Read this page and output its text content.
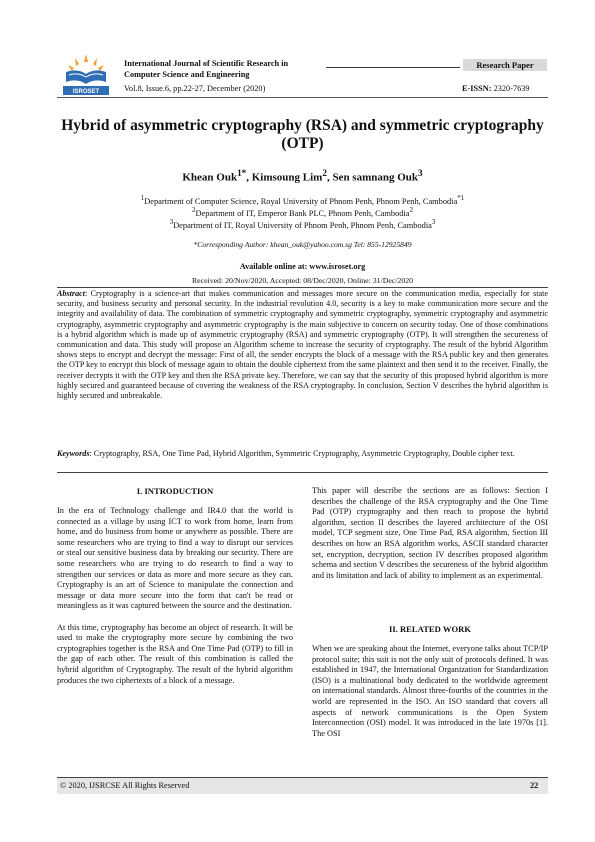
ISROSET
International Journal of Scientific Research in Computer Science and Engineering
Research Paper
Vol.8, Issue.6, pp.22-27, December (2020)	E-ISSN: 2320-7639
Hybrid of asymmetric cryptography (RSA) and symmetric cryptography (OTP)
Khean Ouk$^{1*}$, Kimsoung Lim$^2$, Sen samnang Ouk$^3$
$^1$Department of Computer Science, Royal University of Phnom Penh, Phnom Penh, Cambodia$^{*1}$
$^2$Department of IT, Emperor Bank PLC, Phnom Penh, Cambodia$^2$
$^3$Department of IT, Royal University of Phnom Penh, Phnom Penh, Cambodia$^3$
*Corresponding Author: khean_ouk@yahoo.com.sg Tel: 855-12925849
Available online at: www.isroset.org
Received: 20/Nov/2020, Accepted: 08/Dec/2020, Online: 31/Dec/2020
Abstract: Cryptography is a science-art that makes communication and messages more secure on the communication media, especially for state security, and business security and personal security. In the industrial revolution 4.0, security is a key to make communication more secure and the integrity and availability of data. The combination of symmetric cryptography and symmetric cryptography, symmetric cryptography and asymmetric cryptography, asymmetric cryptography and asymmetric cryptography is the main subjective to concern on security today. One of those combinations is a hybrid algorithm which is made up of asymmetric cryptography (RSA) and symmetric cryptography (OTP). It will strengthen the secureness of communication and data. This study will propose an Algorithm scheme to increase the security of cryptography. The result of the hybrid Algorithm shows steps to encrypt and decrypt the message: First of all, the sender encrypts the block of a message with the RSA public key and then generates the OTP key to encrypt this block of message again to obtain the double ciphertext from the same plaintext and then send it to the receiver. Finally, the receiver decrypts it with the OTP key and then the RSA private key. Therefore, we can say that the security of this proposed hybrid algorithm is more highly secured and guaranteed because of covering the weakness of the RSA cryptography. In conclusion, Section V describes the hybrid algorithm is highly secured and unbreakable.
Keywords: Cryptography, RSA, One Time Pad, Hybrid Algorithm, Symmetric Cryptography, Asymmetric Cryptography, Double cipher text.
I. INTRODUCTION

In the era of Technology challenge and IR4.0 that the world is connected as a village by using ICT to work from home, learn from home, and do business from home or anywhere as possible. There are some researchers who are trying to find a way to disrupt our services or steal our sensitive business data by breaking our security. There are some researchers who are trying to do research to find a way to strengthen our services or data as more and more secure as they can. Cryptography is an art of Science to manipulate the connection and message or data more secure into the form that can't be read or meaningless as it was captured between the source and the destination.

At this time, cryptography has become an object of research. It will be used to make the cryptography more secure by combining the two cryptographies together is the RSA and One Time Pad (OTP) to fill in the gap of each other. The result of this combination is called the hybrid algorithm of Cryptography. The result of the hybrid algorithm produces the two ciphertexts of a block of a message.

This paper will describe the sections are as follows: Section I describes the challenge of the RSA cryptography and the One Time Pad (OTP) cryptography and then reach to propose the hybrid algorithm, section II describes the layered architecture of the OSI model, TCP segment size, One Time Pad, RSA algorithm, Section III describes on how an RSA algorithm works, ASCII standard character set, encryption, decryption, section IV describes proposed algorithm schema and section V describes the secureness of the hybrid algorithm and its limitation and lack of ability to implement as an experimental.

II. RELATED WORK

When we are speaking about the Internet, everyone talks about TCP/IP protocol suite; this suit is not the only suit of protocols defined. It was established in 1947, the International Organization for Standardization (ISO) is a multinational body dedicated to the worldwide agreement on international standards. Almost three-fourths of the countries in the world are represented in the ISO. An ISO standard that covers all aspects of network communications is the Open System Interconnection (OSI) model. It was introduced in the late 1970s [1]. The OSI

© 2020, IJSRCSE All Rights Reserved	22
